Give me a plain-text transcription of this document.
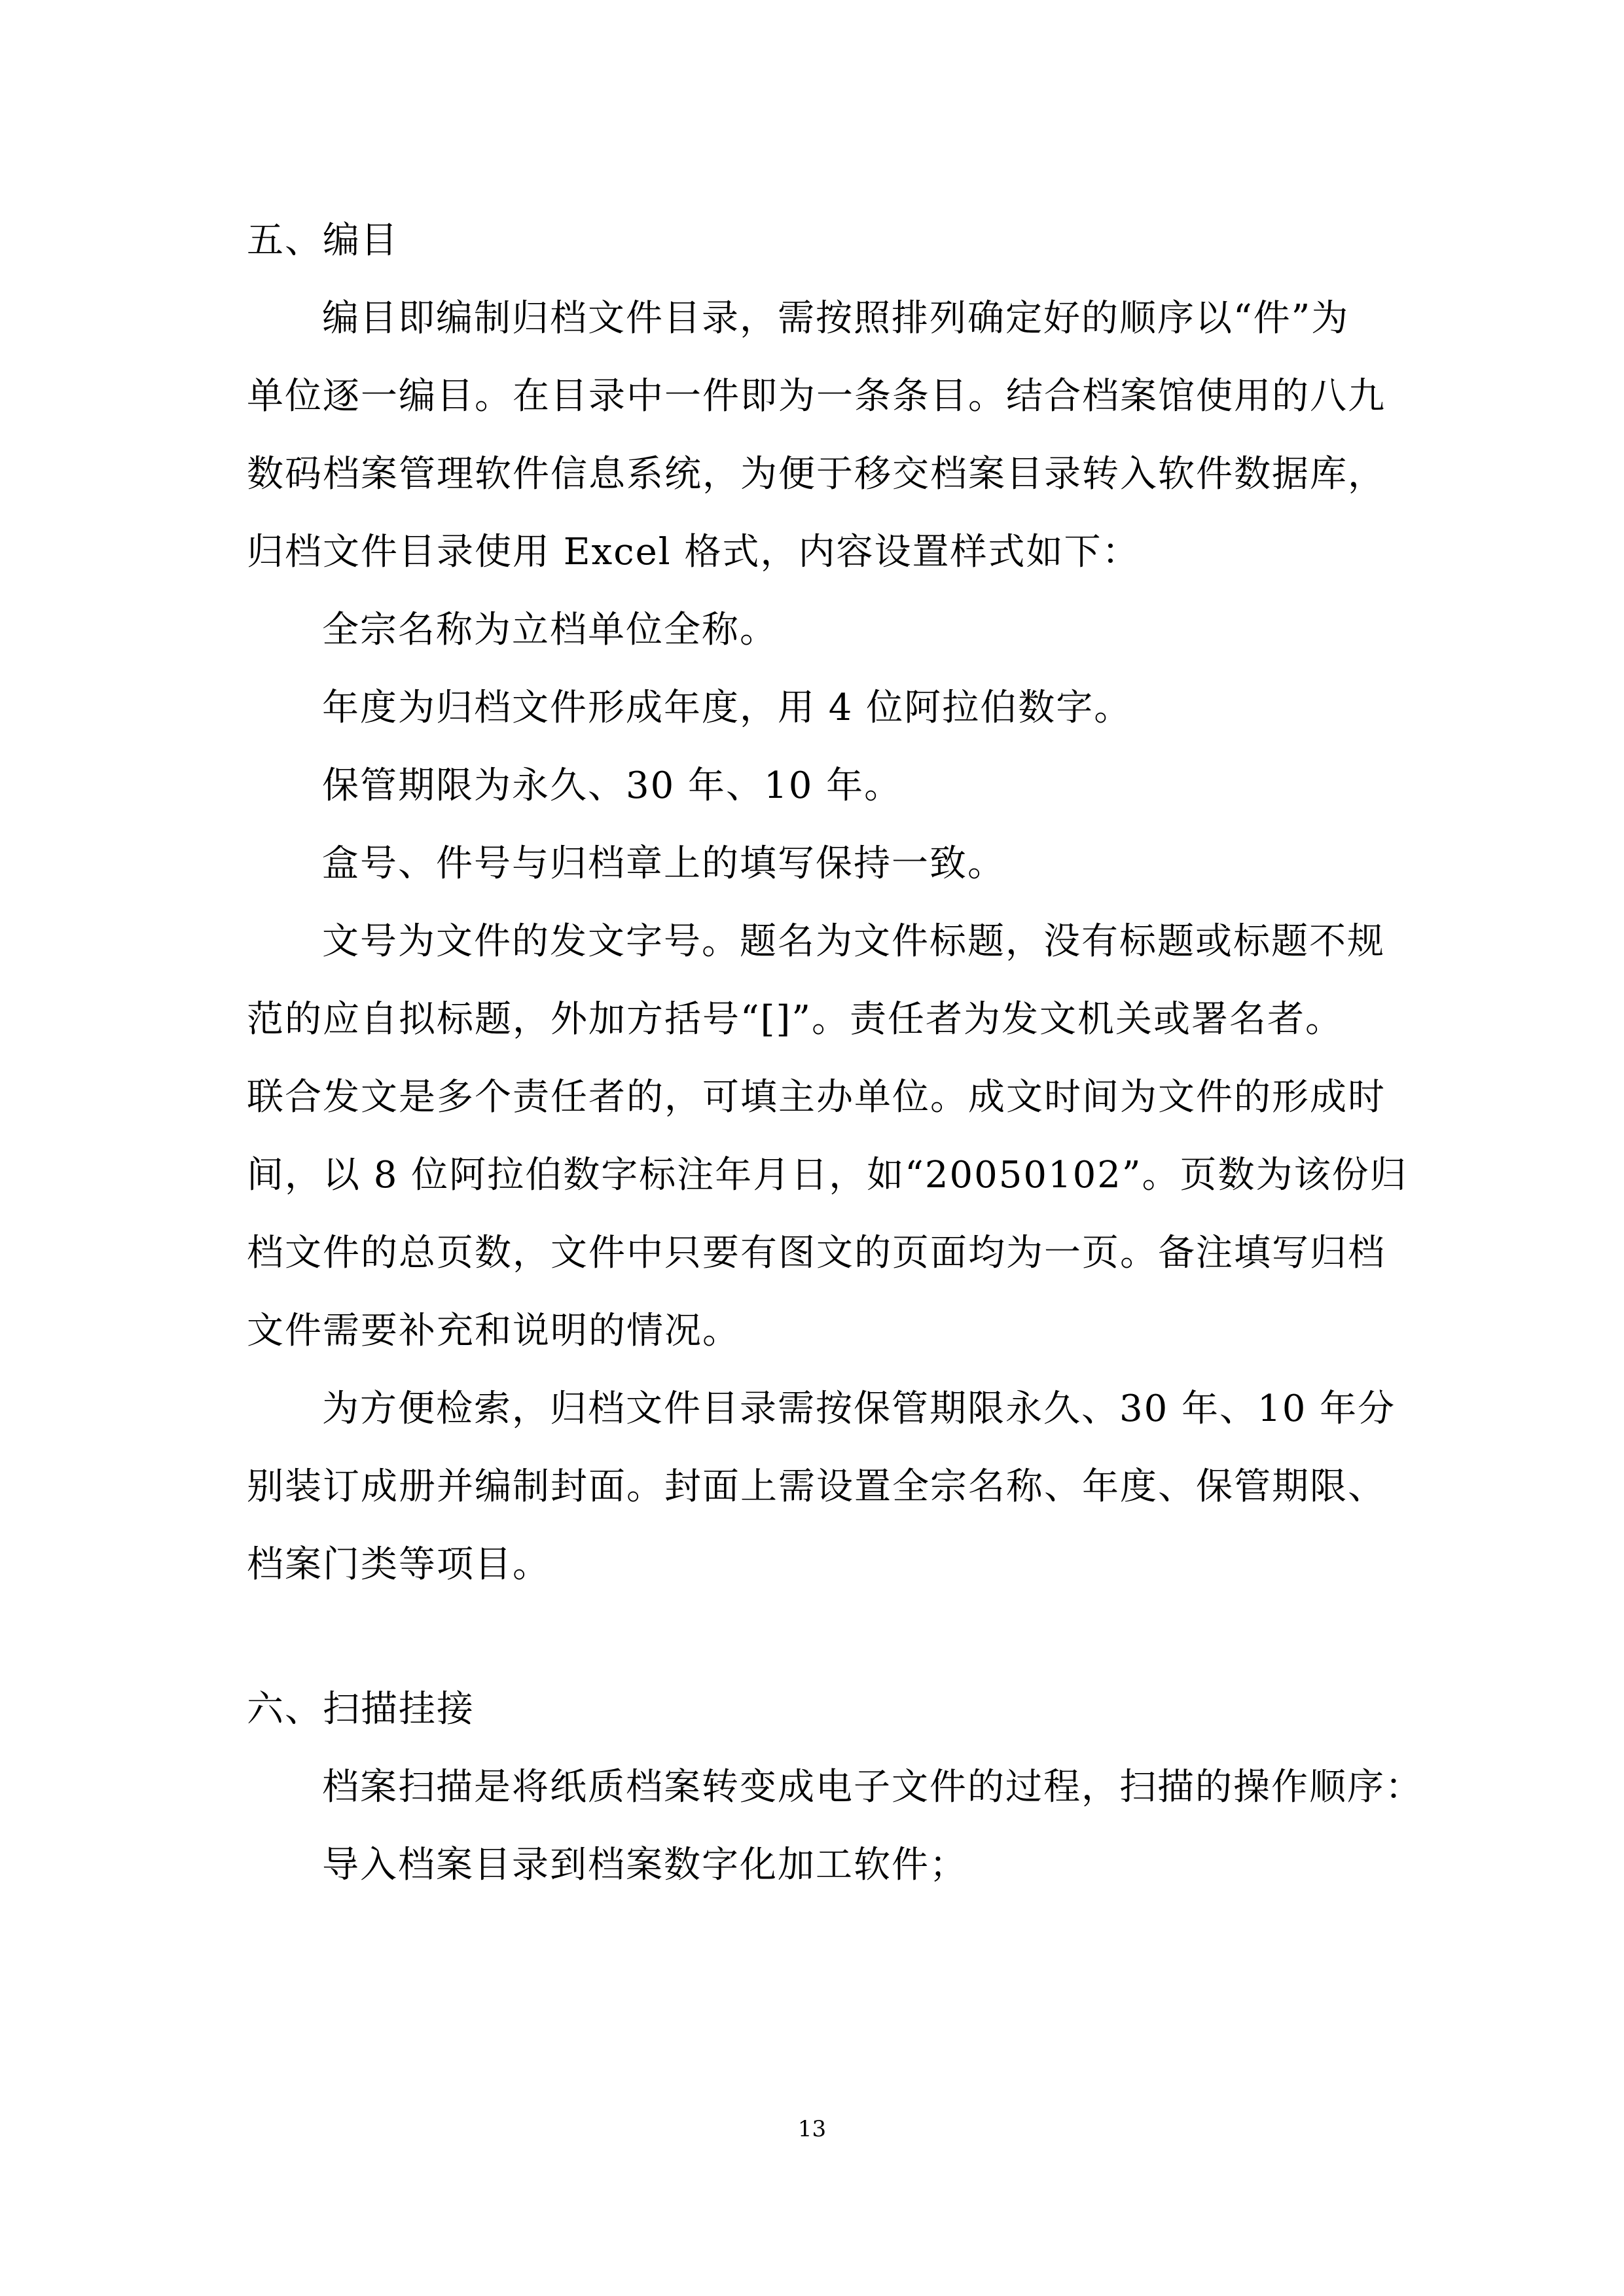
五、编目
编目即编制归档文件目录，需按照排列确定好的顺序以“件”为
单位逐一编目。在目录中一件即为一条条目。结合档案馆使用的八九
数码档案管理软件信息系统，为便于移交档案目录转入软件数据库，
归档文件目录使用 Excel 格式，内容设置样式如下：
全宗名称为立档单位全称。
年度为归档文件形成年度，用 4 位阿拉伯数字。
保管期限为永久、30 年、10 年。
盒号、件号与归档章上的填写保持一致。
文号为文件的发文字号。题名为文件标题，没有标题或标题不规
范的应自拟标题，外加方括号“[]”。责任者为发文机关或署名者。
联合发文是多个责任者的，可填主办单位。成文时间为文件的形成时
间，以 8 位阿拉伯数字标注年月日，如“20050102”。页数为该份归
档文件的总页数，文件中只要有图文的页面均为一页。备注填写归档
文件需要补充和说明的情况。
为方便检索，归档文件目录需按保管期限永久、30 年、10 年分
别装订成册并编制封面。封面上需设置全宗名称、年度、保管期限、
档案门类等项目。
六、扫描挂接
档案扫描是将纸质档案转变成电子文件的过程，扫描的操作顺序：
导入档案目录到档案数字化加工软件；
13
